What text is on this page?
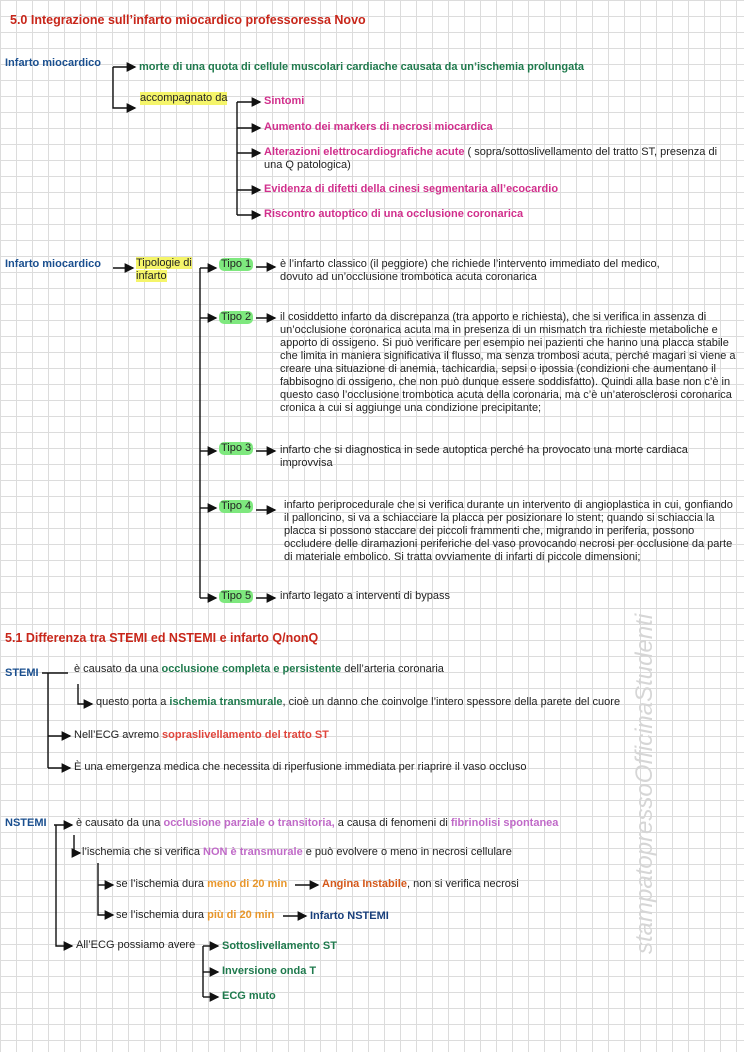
stampatopressoOfficinaStudenti
5.0 Integrazione sull’infarto miocardico professoressa Novo
Infarto miocardico	morte di una quota di cellule muscolari cardiache causata da un’ischemia prolungata
accompagnato da	Sintomi
Aumento dei markers di necrosi miocardica
Alterazioni elettrocardiografiche acute ( sopra/sottoslivellamento del tratto ST, presenza di una Q patologica)
Evidenza di difetti della cinesi segmentaria all’ecocardio
Riscontro autoptico di una occlusione coronarica
Infarto miocardico	Tipologie di
infarto
Tipo 1	è l’infarto classico (il peggiore) che richiede l’intervento immediato del medico, dovuto ad un’occlusione trombotica acuta coronarica
Tipo 2	il cosiddetto infarto da discrepanza (tra apporto e richiesta), che si verifica in assenza di un’occlusione coronarica acuta ma in presenza di un mismatch tra richieste metaboliche e apporto di ossigeno. Si può verificare per esempio nei pazienti che hanno una placca stabile che limita in maniera significativa il flusso, ma senza trombosi acuta, perché magari si viene a creare una situazione di anemia, tachicardia, sepsi o ipossia (condizioni che aumentano il fabbisogno di ossigeno, che non può dunque essere soddisfatto). Quindi alla base non c’è in questo caso l’occlusione trombotica acuta della coronaria, ma c’è un’aterosclerosi coronarica cronica a cui si aggiunge una condizione precipitante;
Tipo 3	infarto che si diagnostica in sede autoptica perché ha provocato una morte cardiaca improvvisa
Tipo 4	infarto periprocedurale che si verifica durante un intervento di angioplastica in cui, gonfiando il palloncino, si va a schiacciare la placca per posizionare lo stent; quando si schiaccia la placca si possono staccare dei piccoli frammenti che, migrando in periferia, possono occludere delle diramazioni periferiche del vaso provocando necrosi per occlusione da parte di materiale embolico. Si tratta ovviamente di infarti di piccole dimensioni;
Tipo 5	infarto legato a interventi di bypass
5.1 Differenza tra STEMI ed NSTEMI e infarto Q/nonQ
STEMI	è causato da una occlusione completa e persistente dell’arteria coronaria
questo porta a ischemia transmurale, cioè un danno che coinvolge l’intero spessore della parete del cuore
Nell’ECG avremo sopraslivellamento del tratto ST
È una emergenza medica che necessita di riperfusione immediata per riaprire il vaso occluso
NSTEMI	è causato da una occlusione parziale o transitoria, a causa di fenomeni di fibrinolisi spontanea
l’ischemia che si verifica NON è transmurale e può evolvere o meno in necrosi cellulare
se l’ischemia dura meno di 20 min	Angina Instabile, non si verifica necrosi
se l’ischemia dura più di 20 min	Infarto NSTEMI
All’ECG possiamo avere Sottoslivellamento ST
Inversione onda T
ECG muto
